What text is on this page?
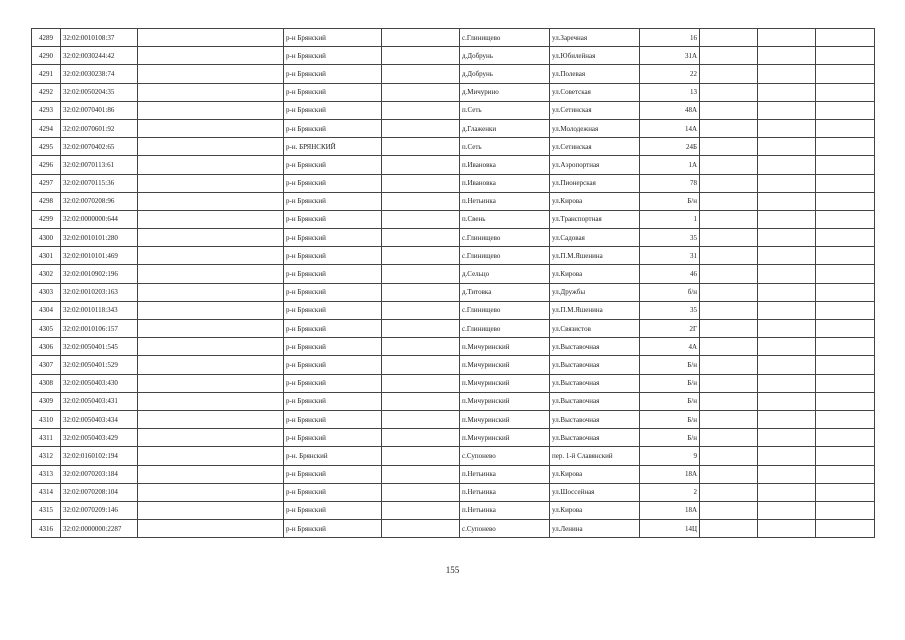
4289	32:02:0010108:37		р-н Брянский		с.Глинищево	ул.Заречная	16			
4290	32:02:0030244:42		р-н Брянский		д.Добрунь	ул.Юбилейная	31А			
4291	32:02:0030238:74		р-н Брянский		д.Добрунь	ул.Полевая	22			
4292	32:02:0050204:35		р-н Брянский		д.Мичурино	ул.Советская	13			
4293	32:02:0070401:86		р-н Брянский		п.Сеть	ул.Сетинская	48А			
4294	32:02:0070601:92		р-н Брянский		д.Глаженки	ул.Молодежная	14А			
4295	32:02:0070402:65		р-н. БРЯНСКИЙ		п.Сеть	ул.Сетинская	24Б			
4296	32:02:0070113:61		р-н Брянский		п.Ивановка	ул.Аэропортная	1А			
4297	32:02:0070115:36		р-н Брянский		п.Ивановка	ул.Пионерская	78			
4298	32:02:0070208:96		р-н Брянский		п.Нетьинка	ул.Кирова	Б/н			
4299	32:02:0000000:644		р-н Брянский		п.Свень	ул.Транспортная	1			
4300	32:02:0010101:280		р-н Брянский		с.Глинищево	ул.Садовая	35			
4301	32:02:0010101:469		р-н Брянский		с.Глинищево	ул.П.М.Яшенина	31			
4302	32:02:0010902:196		р-н Брянский		д.Сельцо	ул.Кирова	46			
4303	32:02:0010203:163		р-н Брянский		д.Титовка	ул.Дружбы	б/н			
4304	32:02:0010118:343		р-н Брянский		с.Глинищево	ул.П.М.Яшенина	35			
4305	32:02:0010106:157		р-н Брянский		с.Глинищево	ул.Связистов	2Г			
4306	32:02:0050401:545		р-н Брянский		п.Мичуринский	ул.Выставочная	4А			
4307	32:02:0050401:529		р-н Брянский		п.Мичуринский	ул.Выставочная	Б/н			
4308	32:02:0050403:430		р-н Брянский		п.Мичуринский	ул.Выставочная	Б/н			
4309	32:02:0050403:431		р-н Брянский		п.Мичуринский	ул.Выставочная	Б/н			
4310	32:02:0050403:434		р-н Брянский		п.Мичуринский	ул.Выставочная	Б/н			
4311	32:02:0050403:429		р-н Брянский		п.Мичуринский	ул.Выставочная	Б/н			
4312	32:02:0160102:194		р-н. Брянский		с.Супонево	пер. 1-й Славянский	9			
4313	32:02:0070203:184		р-н Брянский		п.Нетьинка	ул.Кирова	18А			
4314	32:02:0070208:104		р-н Брянский		п.Нетьинка	ул.Шоссейная	2			
4315	32:02:0070209:146		р-н Брянский		п.Нетьинка	ул.Кирова	18А			
4316	32:02:0000000:2287		р-н Брянский		с.Супонево	ул.Ленина	14Ц			
155
